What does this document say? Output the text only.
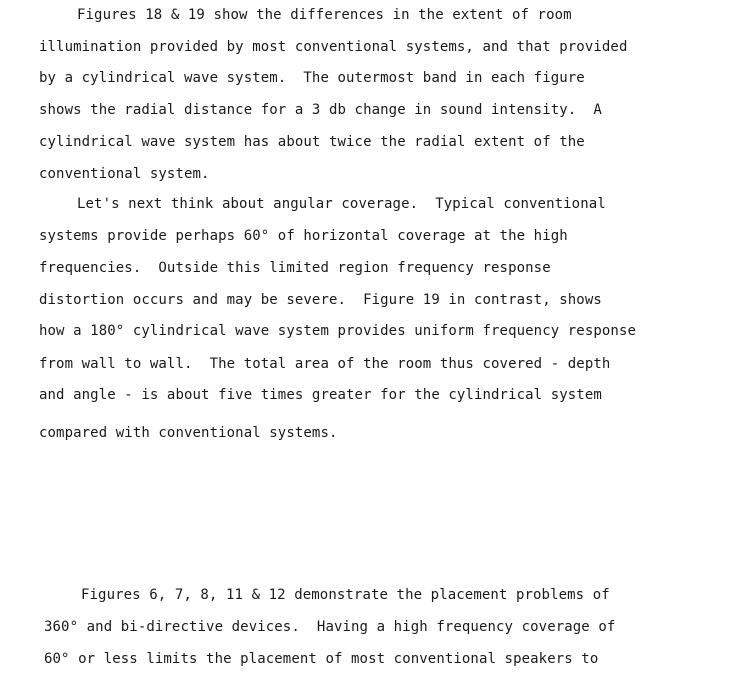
Figures 18 & 19 show the differences in the extent of room
illumination provided by most conventional systems, and that provided
by a cylindrical wave system.  The outermost band in each figure
shows the radial distance for a 3 db change in sound intensity.  A
cylindrical wave system has about twice the radial extent of the
conventional system.
Let's next think about angular coverage.  Typical conventional
systems provide perhaps 60° of horizontal coverage at the high
frequencies.  Outside this limited region frequency response
distortion occurs and may be severe.  Figure 19 in contrast, shows
how a 180° cylindrical wave system provides uniform frequency response
from wall to wall.  The total area of the room thus covered - depth
and angle - is about five times greater for the cylindrical system
compared with conventional systems.
Figures 6, 7, 8, 11 & 12 demonstrate the placement problems of
360° and bi-directive devices.  Having a high frequency coverage of
60° or less limits the placement of most conventional speakers to
